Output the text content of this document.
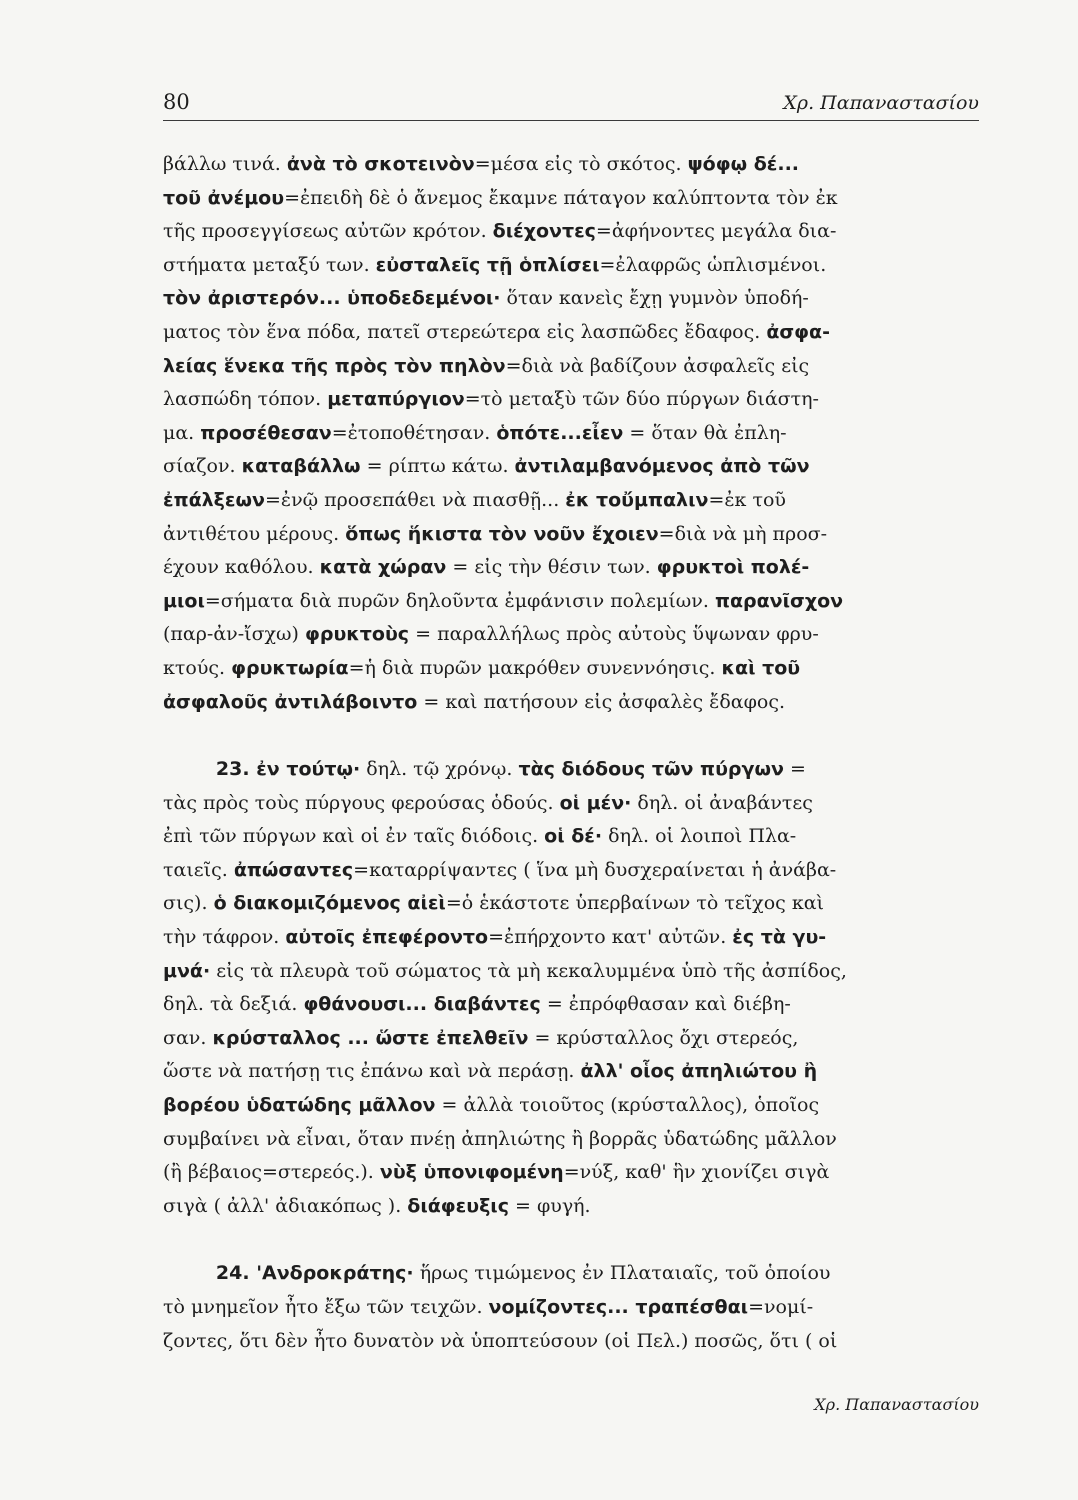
80	Χρ. Παπαναστασίου
βάλλω τινά. ἀνὰ τὸ σκοτεινὸν=μέσα εἰς τὸ σκότος. ψόφῳ δέ...
τοῦ ἀνέμου=ἐπειδὴ δὲ ὁ ἄνεμος ἔκαμνε πάταγον καλύπτοντα τὸν ἐκ
τῆς προσεγγίσεως αὐτῶν κρότον. διέχοντες=ἀφήνοντες μεγάλα δια-
στήματα μεταξύ των. εὐσταλεῖς τῇ ὁπλίσει=ἐλαφρῶς ὡπλισμένοι.
τὸν ἀριστερόν... ὑποδεδεμένοι· ὅταν κανεὶς ἔχῃ γυμνὸν ὑποδή-
ματος τὸν ἕνα πόδα, πατεῖ στερεώτερα εἰς λασπῶδες ἔδαφος. ἀσφα-
λείας ἕνεκα τῆς πρὸς τὸν πηλὸν=διὰ νὰ βαδίζουν ἀσφαλεῖς εἰς
λασπώδη τόπον. μεταπύργιον=τὸ μεταξὺ τῶν δύο πύργων διάστη-
μα. προσέθεσαν=ἐτοποθέτησαν. ὁπότε...εἶεν = ὅταν θὰ ἐπλη-
σίαζον. καταβάλλω = ρίπτω κάτω. ἀντιλαμβανόμενος ἀπὸ τῶν
ἐπάλξεων=ἐνῷ προσεπάθει νὰ πιασθῇ... ἐκ τοὔμπαλιν=ἐκ τοῦ
ἀντιθέτου μέρους. ὅπως ἥκιστα τὸν νοῦν ἔχοιεν=διὰ νὰ μὴ προσ-
έχουν καθόλου. κατὰ χώραν = εἰς τὴν θέσιν των. φρυκτοὶ πολέ-
μιοι=σήματα διὰ πυρῶν δηλοῦντα ἐμφάνισιν πολεμίων. παρανῖσχον
(παρ-ἀν-ἴσχω) φρυκτοὺς = παραλλήλως πρὸς αὐτοὺς ὕψωναν φρυ-
κτούς. φρυκτωρία=ἡ διὰ πυρῶν μακρόθεν συνεννόησις. καὶ τοῦ
ἀσφαλοῦς ἀντιλάβοιντο = καὶ πατήσουν εἰς ἀσφαλὲς ἔδαφος.
23. ἐν τούτῳ· δηλ. τῷ χρόνῳ. τὰς διόδους τῶν πύργων =
τὰς πρὸς τοὺς πύργους φερούσας ὁδούς. οἱ μέν· δηλ. οἱ ἀναβάντες
ἐπὶ τῶν πύργων καὶ οἱ ἐν ταῖς διόδοις. οἱ δέ· δηλ. οἱ λοιποὶ Πλα-
ταιεῖς. ἀπώσαντες=καταρρίψαντες ( ἵνα μὴ δυσχεραίνεται ἡ ἀνάβα-
σις). ὁ διακομιζόμενος αἰεὶ=ὁ ἑκάστοτε ὑπερβαίνων τὸ τεῖχος καὶ
τὴν τάφρον. αὐτοῖς ἐπεφέροντο=ἐπήρχοντο κατ' αὐτῶν. ἐς τὰ γυ-
μνά· εἰς τὰ πλευρὰ τοῦ σώματος τὰ μὴ κεκαλυμμένα ὑπὸ τῆς ἀσπίδος,
δηλ. τὰ δεξιά. φθάνουσι... διαβάντες = ἐπρόφθασαν καὶ διέβη-
σαν. κρύσταλλος ... ὥστε ἐπελθεῖν = κρύσταλλος ὄχι στερεός,
ὥστε νὰ πατήσῃ τις ἐπάνω καὶ νὰ περάσῃ. ἀλλ' οἷος ἀπηλιώτου ἢ
βορέου ὑδατώδης μᾶλλον = ἀλλὰ τοιοῦτος (κρύσταλλος), ὁποῖος
συμβαίνει νὰ εἶναι, ὅταν πνέῃ ἀπηλιώτης ἢ βορρᾶς ὑδατώδης μᾶλλον
(ἢ βέβαιος=στερεός.). νὺξ ὑπονιφομένη=νύξ, καθ' ἣν χιονίζει σιγὰ
σιγὰ ( ἀλλ' ἀδιακόπως ). διάφευξις = φυγή.
24. 'Ανδροκράτης· ἥρως τιμώμενος ἐν Πλαταιαῖς, τοῦ ὁποίου
τὸ μνημεῖον ἦτο ἔξω τῶν τειχῶν. νομίζοντες... τραπέσθαι=νομί-
ζοντες, ὅτι δὲν ἦτο δυνατὸν νὰ ὑποπτεύσουν (οἱ Πελ.) ποσῶς, ὅτι ( οἱ
Χρ. Παπαναστασίου
